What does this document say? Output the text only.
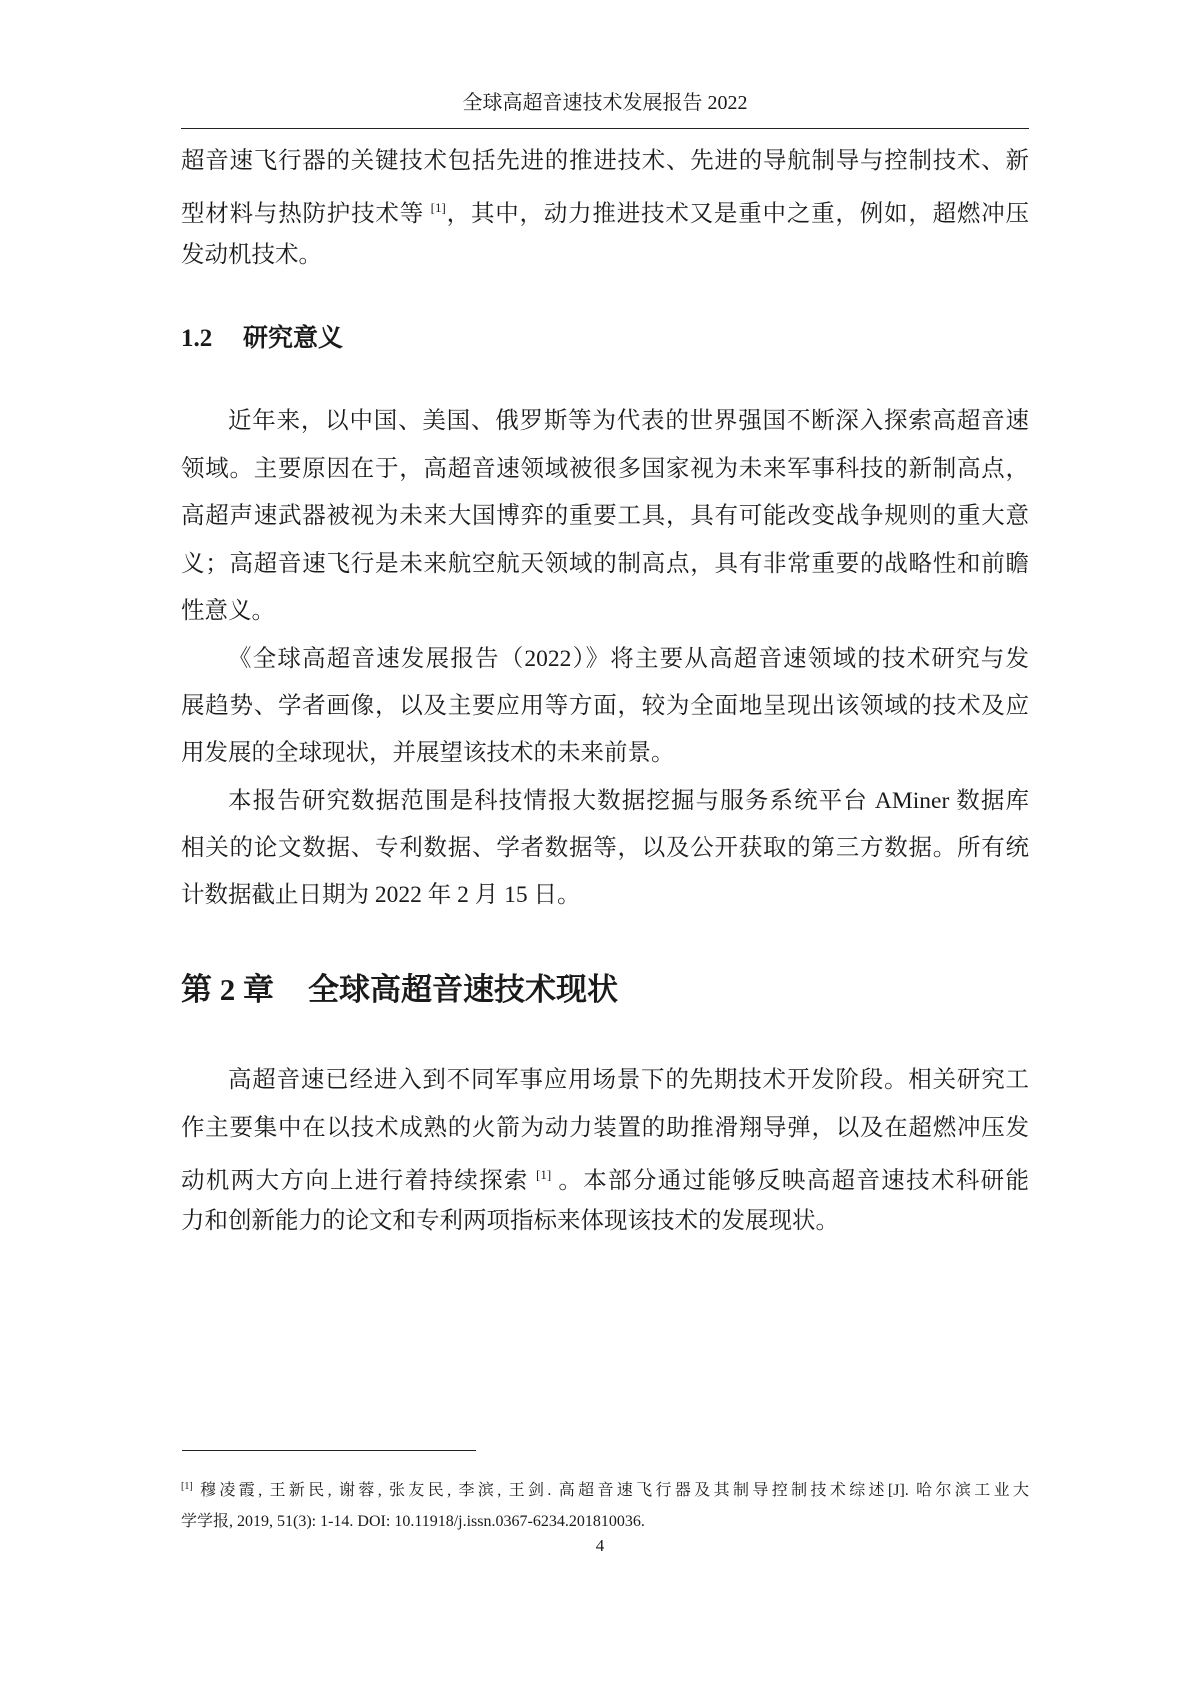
全球高超音速技术发展报告 2022
超音速飞行器的关键技术包括先进的推进技术、先进的导航制导与控制技术、新
型材料与热防护技术等 [1]，其中，动力推进技术又是重中之重，例如，超燃冲压
发动机技术。
近年来，以中国、美国、俄罗斯等为代表的世界强国不断深入探索高超音速
领域。主要原因在于，高超音速领域被很多国家视为未来军事科技的新制高点，
高超声速武器被视为未来大国博弈的重要工具，具有可能改变战争规则的重大意
义；高超音速飞行是未来航空航天领域的制高点，具有非常重要的战略性和前瞻
性意义。
《全球高超音速发展报告（2022）》将主要从高超音速领域的技术研究与发
展趋势、学者画像，以及主要应用等方面，较为全面地呈现出该领域的技术及应
用发展的全球现状，并展望该技术的未来前景。
本报告研究数据范围是科技情报大数据挖掘与服务系统平台 AMiner 数据库
相关的论文数据、专利数据、学者数据等，以及公开获取的第三方数据。所有统
计数据截止日期为 2022 年 2 月 15 日。
高超音速已经进入到不同军事应用场景下的先期技术开发阶段。相关研究工
作主要集中在以技术成熟的火箭为动力装置的助推滑翔导弹，以及在超燃冲压发
动机两大方向上进行着持续探索 [1] 。本部分通过能够反映高超音速技术科研能
力和创新能力的论文和专利两项指标来体现该技术的发展现状。
1.2 研究意义
第 2 章 全球高超音速技术现状
[1] 穆凌霞, 王新民, 谢蓉, 张友民, 李滨, 王剑. 高超音速飞行器及其制导控制技术综述[J]. 哈尔滨工业大
学学报, 2019, 51(3): 1-14. DOI: 10.11918/j.issn.0367-6234.201810036.
4
